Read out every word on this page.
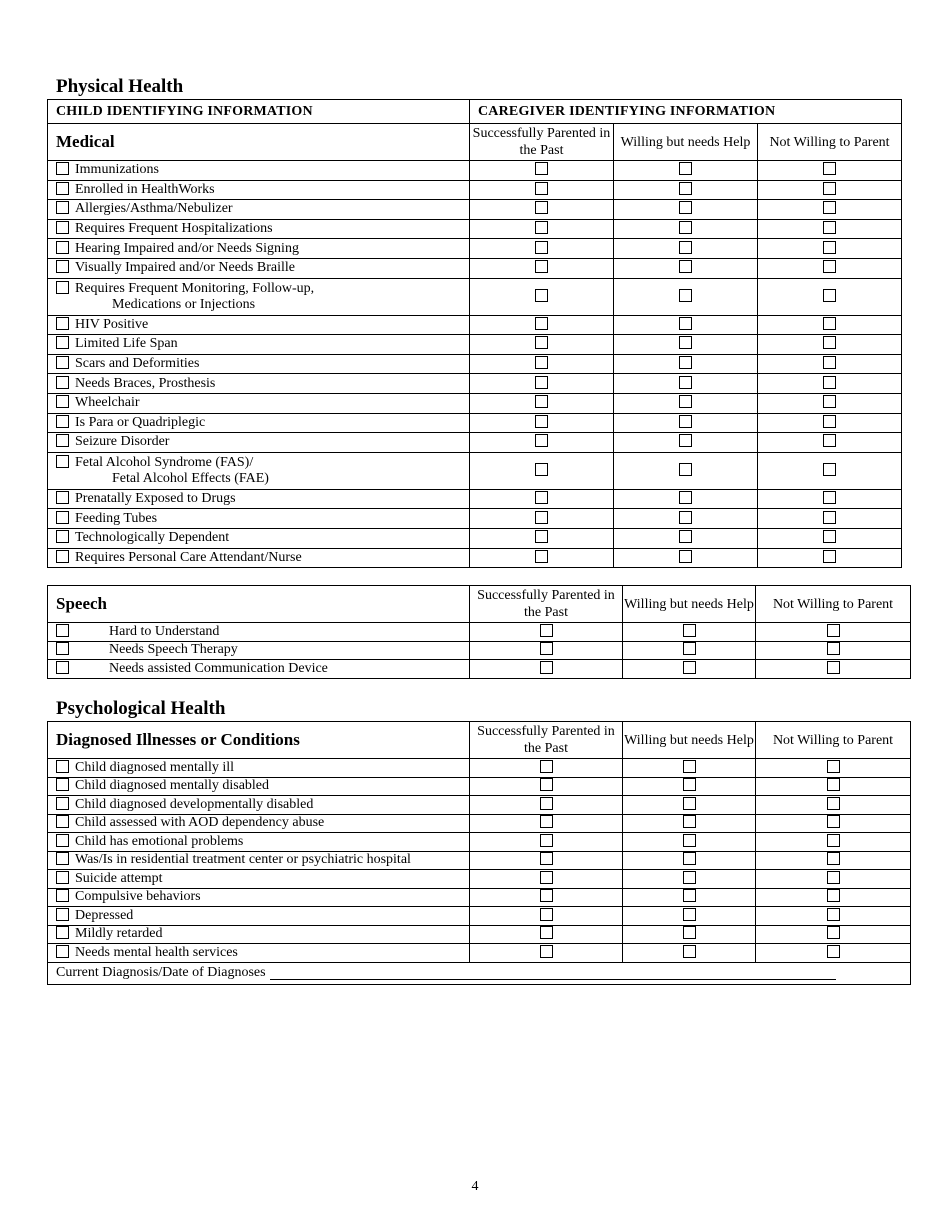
Physical Health
CHILD IDENTIFYING INFORMATION	CAREGIVER IDENTIFYING INFORMATION		
Medical	Successfully Parented in the Past	Willing but needs Help	Not Willing to Parent
Immunizations			
Enrolled in HealthWorks			
Allergies/Asthma/Nebulizer			
Requires Frequent Hospitalizations			
Hearing Impaired and/or Needs Signing			
Visually Impaired and/or Needs Braille			
Requires Frequent Monitoring, Follow-up,
Medications or Injections			

HIV Positive			
Limited Life Span			
Scars and Deformities			
Needs Braces, Prosthesis			
Wheelchair			
Is Para or Quadriplegic			
Seizure Disorder			
Fetal Alcohol Syndrome (FAS)/
Fetal Alcohol Effects (FAE)			

Prenatally Exposed to Drugs			
Feeding Tubes			
Technologically Dependent			
Requires Personal Care Attendant/Nurse			
Speech	Successfully Parented in the Past	Willing but needs Help	Not Willing to Parent
Hard to Understand			
Needs Speech Therapy			
Needs assisted Communication Device			
Psychological Health
Diagnosed Illnesses or Conditions	Successfully Parented in the Past	Willing but needs Help	Not Willing to Parent
Child diagnosed mentally ill			
Child diagnosed mentally disabled			
Child diagnosed developmentally disabled			
Child assessed with AOD dependency abuse			
Child has emotional problems			
Was/Is in residential treatment center or psychiatric hospital			
Suicide attempt			
Compulsive behaviors			
Depressed			
Mildly retarded			
Needs mental health services			
Current Diagnosis/Date of Diagnoses			
4
